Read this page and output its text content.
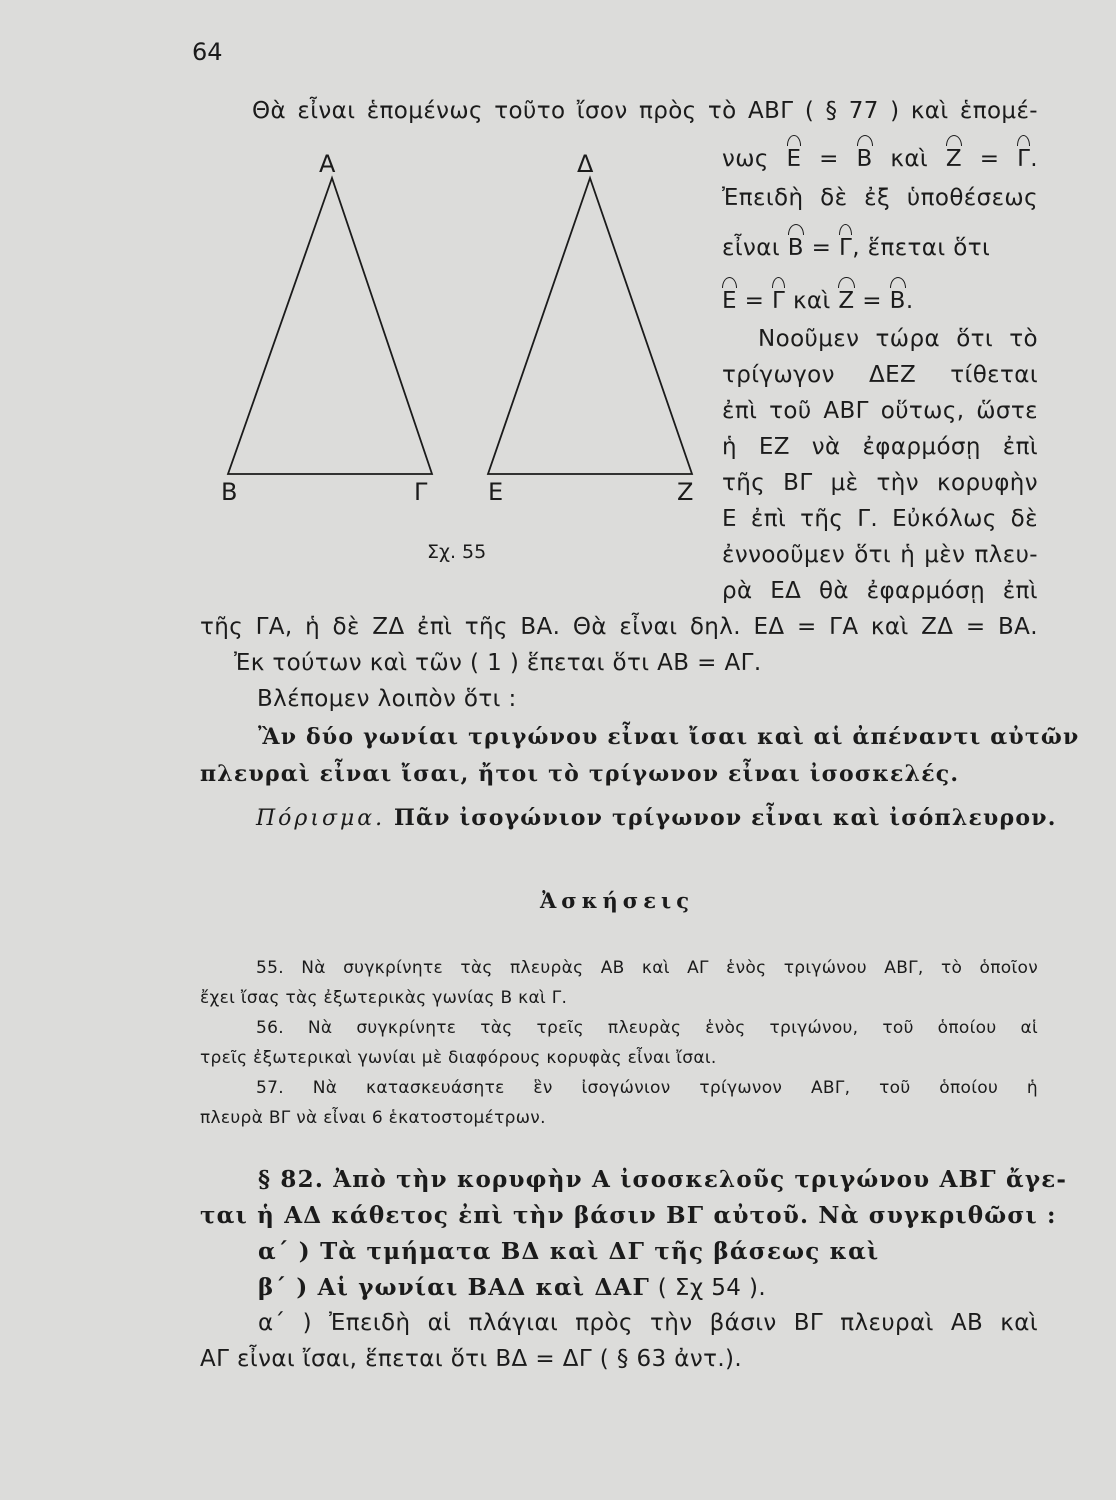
64
Θὰ εἶναι ἑπομένως τοῦτο ἴσον πρὸς τὸ ΑΒΓ ( § 77 ) καὶ ἑπομέ-
νως Ε = Β καὶ Ζ = Γ.
Ἐπειδὴ δὲ ἐξ ὑποθέσεως
εἶναι Β = Γ, ἕπεται ὅτι
Ε = Γ καὶ Ζ = Β.
Νοοῦμεν τώρα ὅτι τὸ
τρίγωγον ΔΕΖ τίθεται
ἐπὶ τοῦ ΑΒΓ οὕτως, ὥστε
ἡ ΕΖ νὰ ἐφαρμόσῃ ἐπὶ
τῆς ΒΓ μὲ τὴν κορυφὴν
Ε ἐπὶ τῆς Γ. Εὐκόλως δὲ
ἐννοοῦμεν ὅτι ἡ μὲν πλευ-
ρὰ ΕΔ θὰ ἐφαρμόσῃ ἐπὶ
Α
Β	Γ
Δ
Ε	Ζ
Σχ. 55
τῆς ΓΑ, ἡ δὲ ΖΔ ἐπὶ τῆς ΒΑ. Θὰ εἶναι δηλ. ΕΔ = ΓΑ καὶ ΖΔ = ΒΑ.
Ἐκ τούτων καὶ τῶν ( 1 ) ἕπεται ὅτι ΑΒ = ΑΓ.
Βλέπομεν λοιπὸν ὅτι :
Ἂν δύο γωνίαι τριγώνου εἶναι ἴσαι καὶ αἱ ἀπέναντι αὐτῶν
πλευραὶ εἶναι ἴσαι, ἤτοι τὸ τρίγωνον εἶναι ἰσοσκελές.
Πόρισμα. Πᾶν ἰσογώνιον τρίγωνον εἶναι καὶ ἰσόπλευρον.
Ἀσκήσεις
55. Νὰ συγκρίνητε τὰς πλευρὰς ΑΒ καὶ ΑΓ ἑνὸς τριγώνου ΑΒΓ, τὸ ὁποῖον
ἔχει ἴσας τὰς ἐξωτερικὰς γωνίας Β καὶ Γ.
56. Νὰ συγκρίνητε τὰς τρεῖς πλευρὰς ἑνὸς τριγώνου, τοῦ ὁποίου αἱ
τρεῖς ἐξωτερικαὶ γωνίαι μὲ διαφόρους κορυφὰς εἶναι ἴσαι.
57. Νὰ κατασκευάσητε ἓν ἰσογώνιον τρίγωνον ΑΒΓ, τοῦ ὁποίου ἡ
πλευρὰ ΒΓ νὰ εἶναι 6 ἑκατοστομέτρων.
§ 82. Ἀπὸ τὴν κορυφὴν Α ἰσοσκελοῦς τριγώνου ΑΒΓ ἄγε-
ται ἡ ΑΔ κάθετος ἐπὶ τὴν βάσιν ΒΓ αὐτοῦ. Νὰ συγκριθῶσι :
α΄ ) Τὰ τμήματα ΒΔ καὶ ΔΓ τῆς βάσεως καὶ
β΄ ) Αἱ γωνίαι ΒΑΔ καὶ ΔΑΓ ( Σχ 54 ).
α΄ ) Ἐπειδὴ αἱ πλάγιαι πρὸς τὴν βάσιν ΒΓ πλευραὶ ΑΒ καὶ
ΑΓ εἶναι ἴσαι, ἕπεται ὅτι ΒΔ = ΔΓ ( § 63 ἀντ.).
